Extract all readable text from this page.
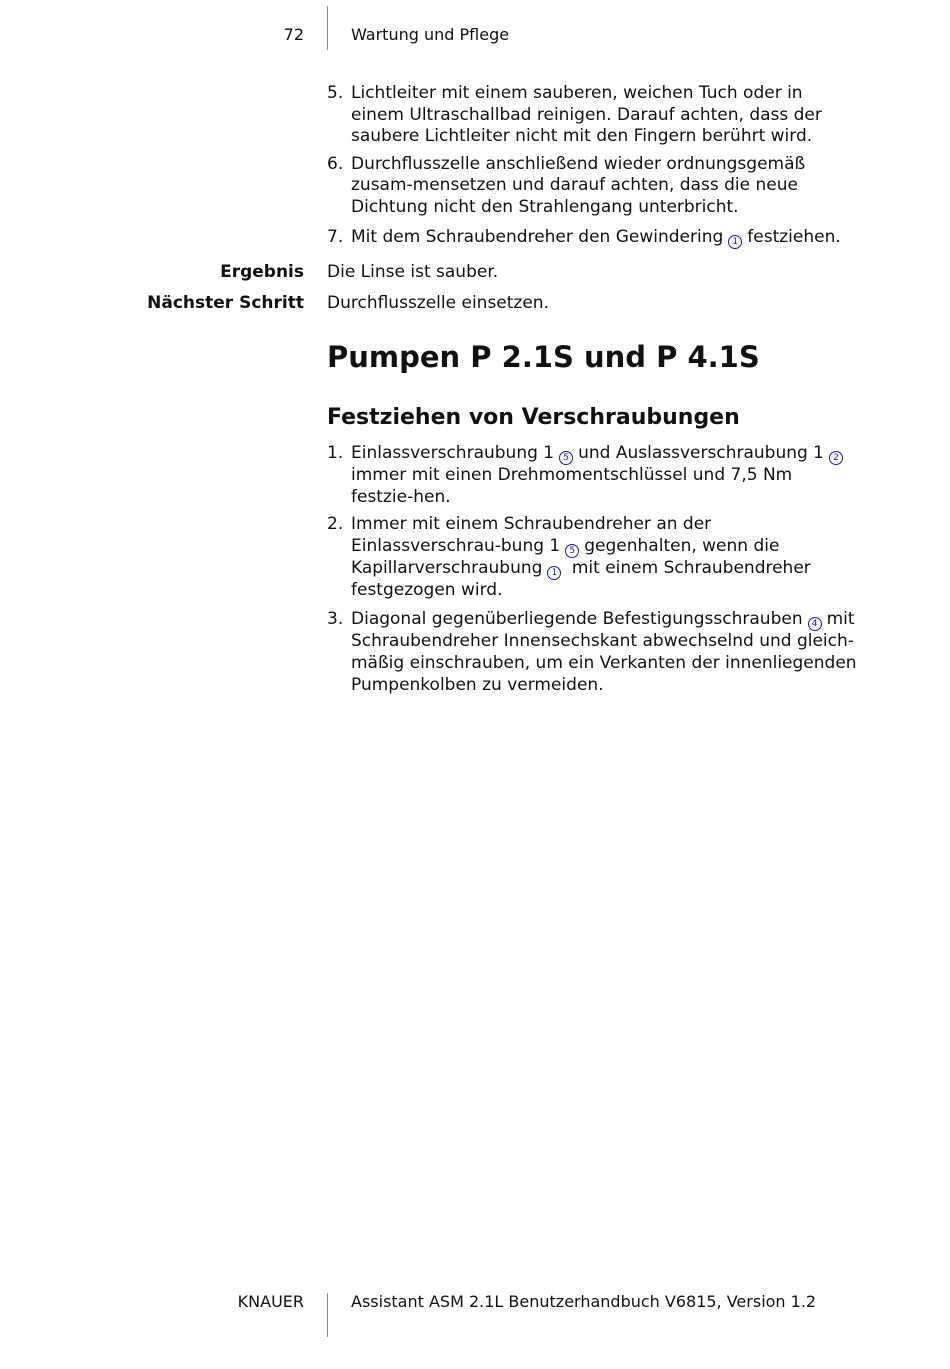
72	Wartung und Pflege
5. Lichtleiter mit einem sauberen, weichen Tuch oder in einem Ultraschallbad reinigen. Darauf achten, dass der saubere Lichtleiter nicht mit den Fingern berührt wird.
6. Durchflusszelle anschließend wieder ordnungsgemäß zusam-mensetzen und darauf achten, dass die neue Dichtung nicht den Strahlengang unterbricht.
7. Mit dem Schraubendreher den Gewindering 1 festziehen.
Ergebnis Die Linse ist sauber.
Nächster Schritt Durchflusszelle einsetzen.
Pumpen P 2.1S und P 4.1S
Festziehen von Verschraubungen
1. Einlassverschraubung 1 5 und Auslassverschraubung 1 2 immer mit einen Drehmomentschlüssel und 7,5 Nm festzie-hen.
2. Immer mit einem Schraubendreher an der Einlassverschrau-bung 1 5 gegenhalten, wenn die Kapillarverschraubung 1 mit einem Schraubendreher festgezogen wird.
3. Diagonal gegenüberliegende Befestigungsschrauben 4 mit Schraubendreher Innensechskant abwechselnd und gleich-mäßig einschrauben, um ein Verkanten der innenliegenden Pumpenkolben zu vermeiden.
KNAUER	Assistant ASM 2.1L Benutzerhandbuch V6815, Version 1.2
